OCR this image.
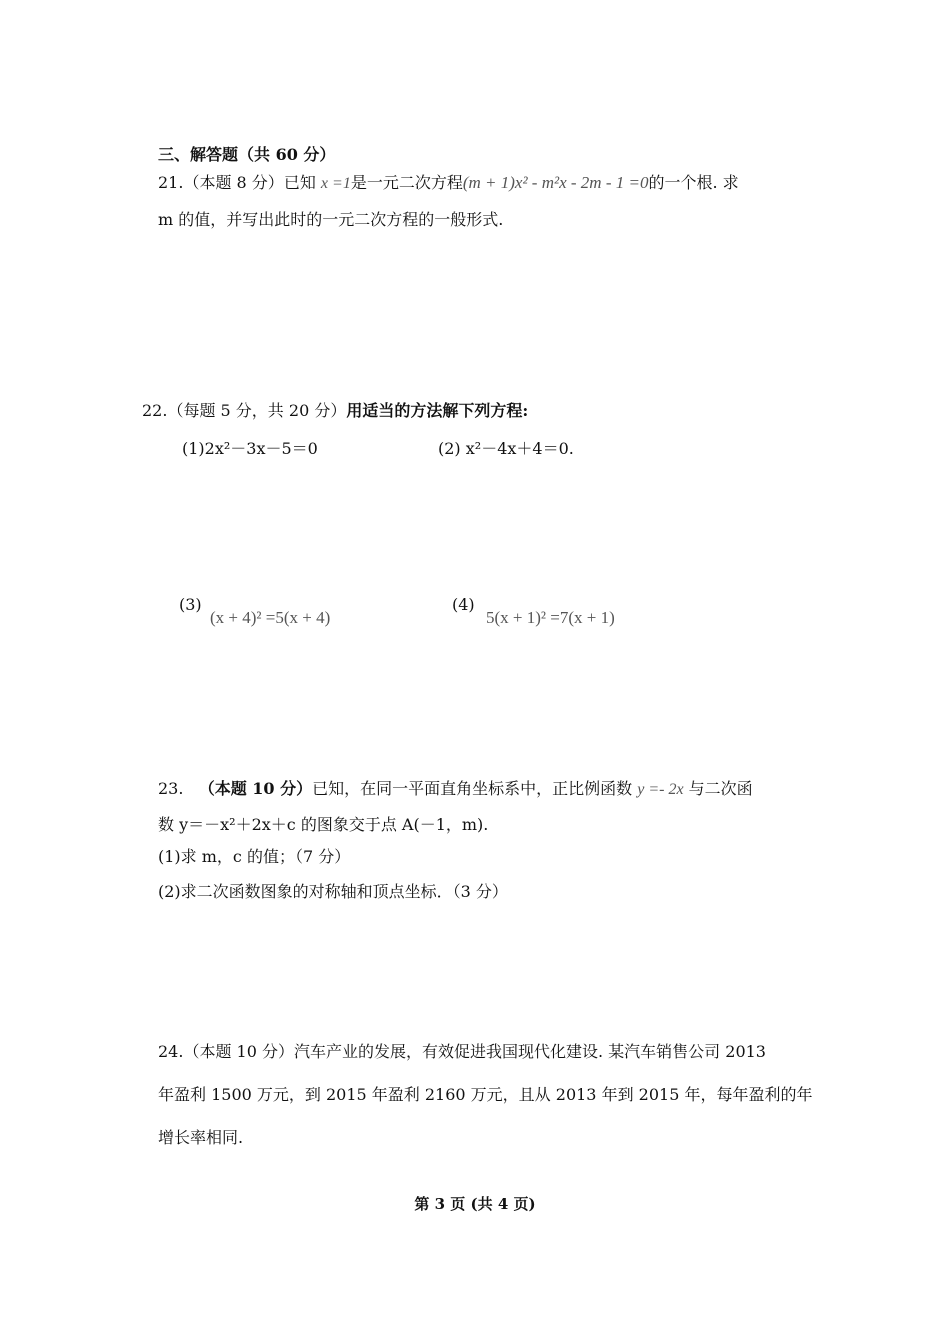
三、解答题（共 60 分）
21.（本题 8 分）已知 x =1是一元二次方程(m + 1)x² - m²x - 2m - 1 =0的一个根. 求
m 的值，并写出此时的一元二次方程的一般形式.
22.（每题 5 分，共 20 分）用适当的方法解下列方程:
(1)2x²－3x－5＝0	(2) x²－4x＋4＝0.
(3)
(x + 4)² =5(x + 4)
(4)
5(x + 1)² =7(x + 1)
23. （本题 10 分）已知，在同一平面直角坐标系中，正比例函数 y =- 2x 与二次函
数 y＝－x²＋2x＋c 的图象交于点 A(－1，m).
(1)求 m，c 的值；（7 分）
(2)求二次函数图象的对称轴和顶点坐标．（3 分）
24.（本题 10 分）汽车产业的发展，有效促进我国现代化建设. 某汽车销售公司 2013
年盈利 1500 万元，到 2015 年盈利 2160 万元，且从 2013 年到 2015 年，每年盈利的年
增长率相同.
第 3 页 (共 4 页)
